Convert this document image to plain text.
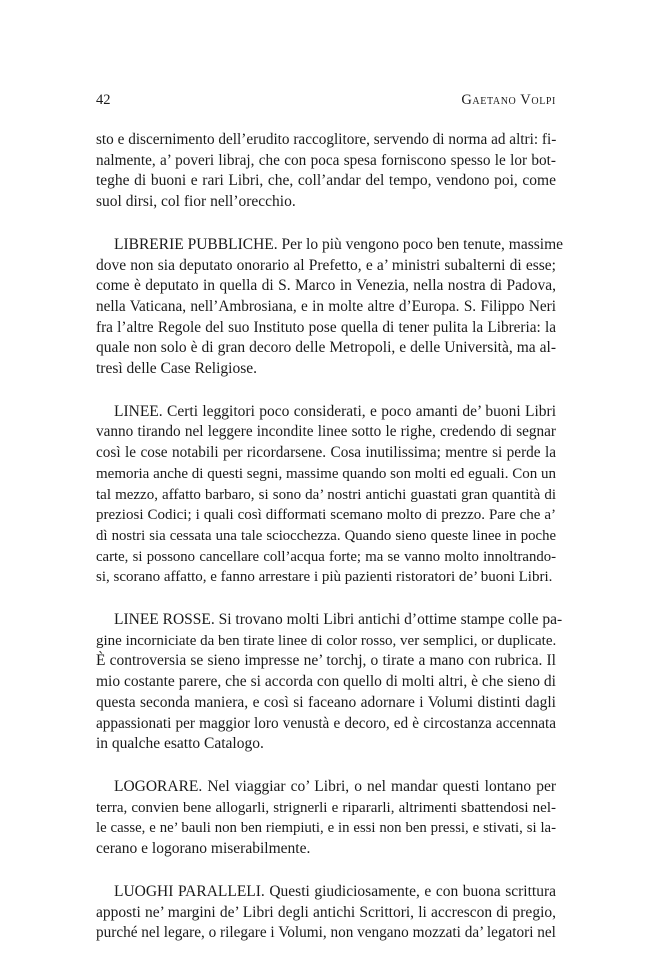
42	Gaetano Volpi

sto e discernimento dell’erudito raccoglitore, servendo di norma ad altri: fi-
nalmente, a’ poveri libraj, che con poca spesa forniscono spesso le lor bot-
teghe di buoni e rari Libri, che, coll’andar del tempo, vendono poi, come
suol dirsi, col fior nell’orecchio.

LIBRERIE PUBBLICHE. Per lo più vengono poco ben tenute, massime
dove non sia deputato onorario al Prefetto, e a’ ministri subalterni di esse;
come è deputato in quella di S. Marco in Venezia, nella nostra di Padova,
nella Vaticana, nell’Ambrosiana, e in molte altre d’Europa. S. Filippo Neri
fra l’altre Regole del suo Instituto pose quella di tener pulita la Libreria: la
quale non solo è di gran decoro delle Metropoli, e delle Università, ma al-
tresì delle Case Religiose.

LINEE. Certi leggitori poco considerati, e poco amanti de’ buoni Libri
vanno tirando nel leggere incondite linee sotto le righe, credendo di segnar
così le cose notabili per ricordarsene. Cosa inutilissima; mentre si perde la
memoria anche di questi segni, massime quando son molti ed eguali. Con un
tal mezzo, affatto barbaro, si sono da’ nostri antichi guastati gran quantità di
preziosi Codici; i quali così difformati scemano molto di prezzo. Pare che a’
dì nostri sia cessata una tale sciocchezza. Quando sieno queste linee in poche
carte, si possono cancellare coll’acqua forte; ma se vanno molto innoltrando-
si, scorano affatto, e fanno arrestare i più pazienti ristoratori de’ buoni Libri.

LINEE ROSSE. Si trovano molti Libri antichi d’ottime stampe colle pa-
gine incorniciate da ben tirate linee di color rosso, ver semplici, or duplicate.
È controversia se sieno impresse ne’ torchj, o tirate a mano con rubrica. Il
mio costante parere, che si accorda con quello di molti altri, è che sieno di
questa seconda maniera, e così si faceano adornare i Volumi distinti dagli
appassionati per maggior loro venustà e decoro, ed è circostanza accennata
in qualche esatto Catalogo.

LOGORARE. Nel viaggiar co’ Libri, o nel mandar questi lontano per
terra, convien bene allogarli, strignerli e ripararli, altrimenti sbattendosi nel-
le casse, e ne’ bauli non ben riempiuti, e in essi non ben pressi, e stivati, si la-
cerano e logorano miserabilmente.

LUOGHI PARALLELI. Questi giudiciosamente, e con buona scrittura
apposti ne’ margini de’ Libri degli antichi Scrittori, li accrescon di pregio,
purché nel legare, o rilegare i Volumi, non vengano mozzati da’ legatori nel
